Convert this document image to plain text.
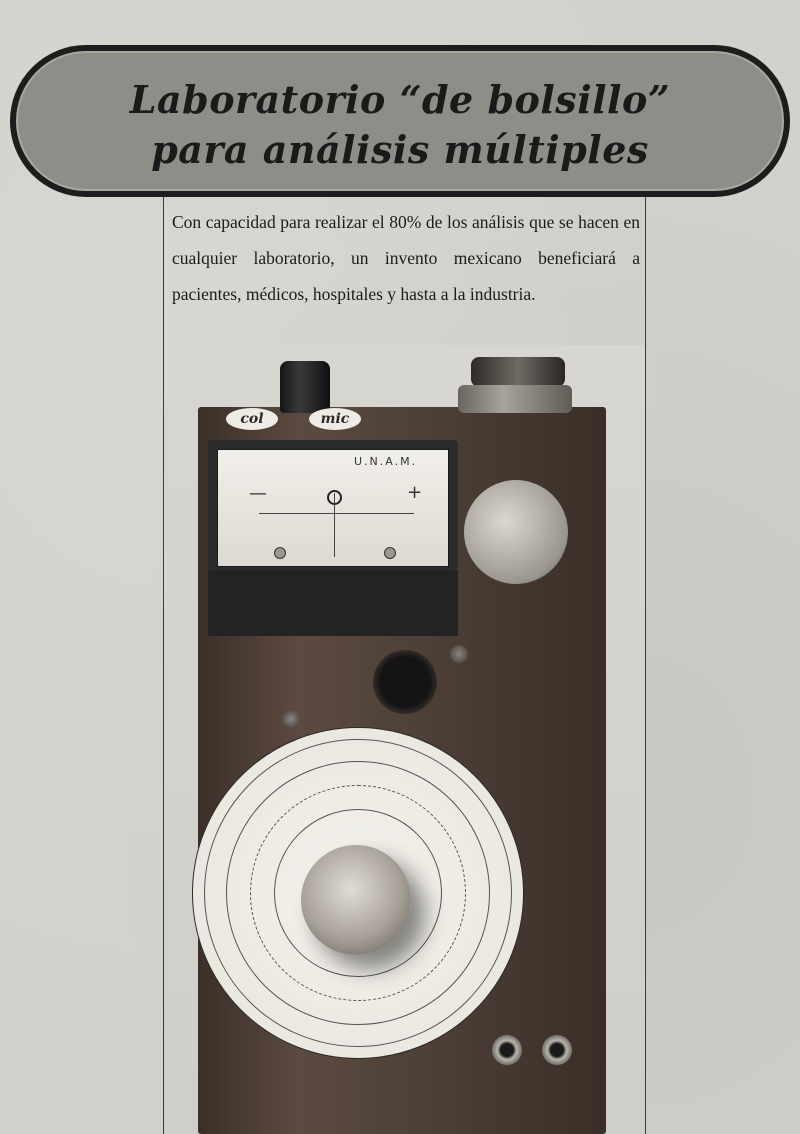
Laboratorio “de bolsillo”
para análisis múltiples

Con capacidad para realizar el 80% de los análisis que se hacen en cualquier laboratorio, un invento mexicano beneficiará a pacientes, médicos, hospitales y hasta a la industria.

col	mic
U.N.A.M.
—	+
